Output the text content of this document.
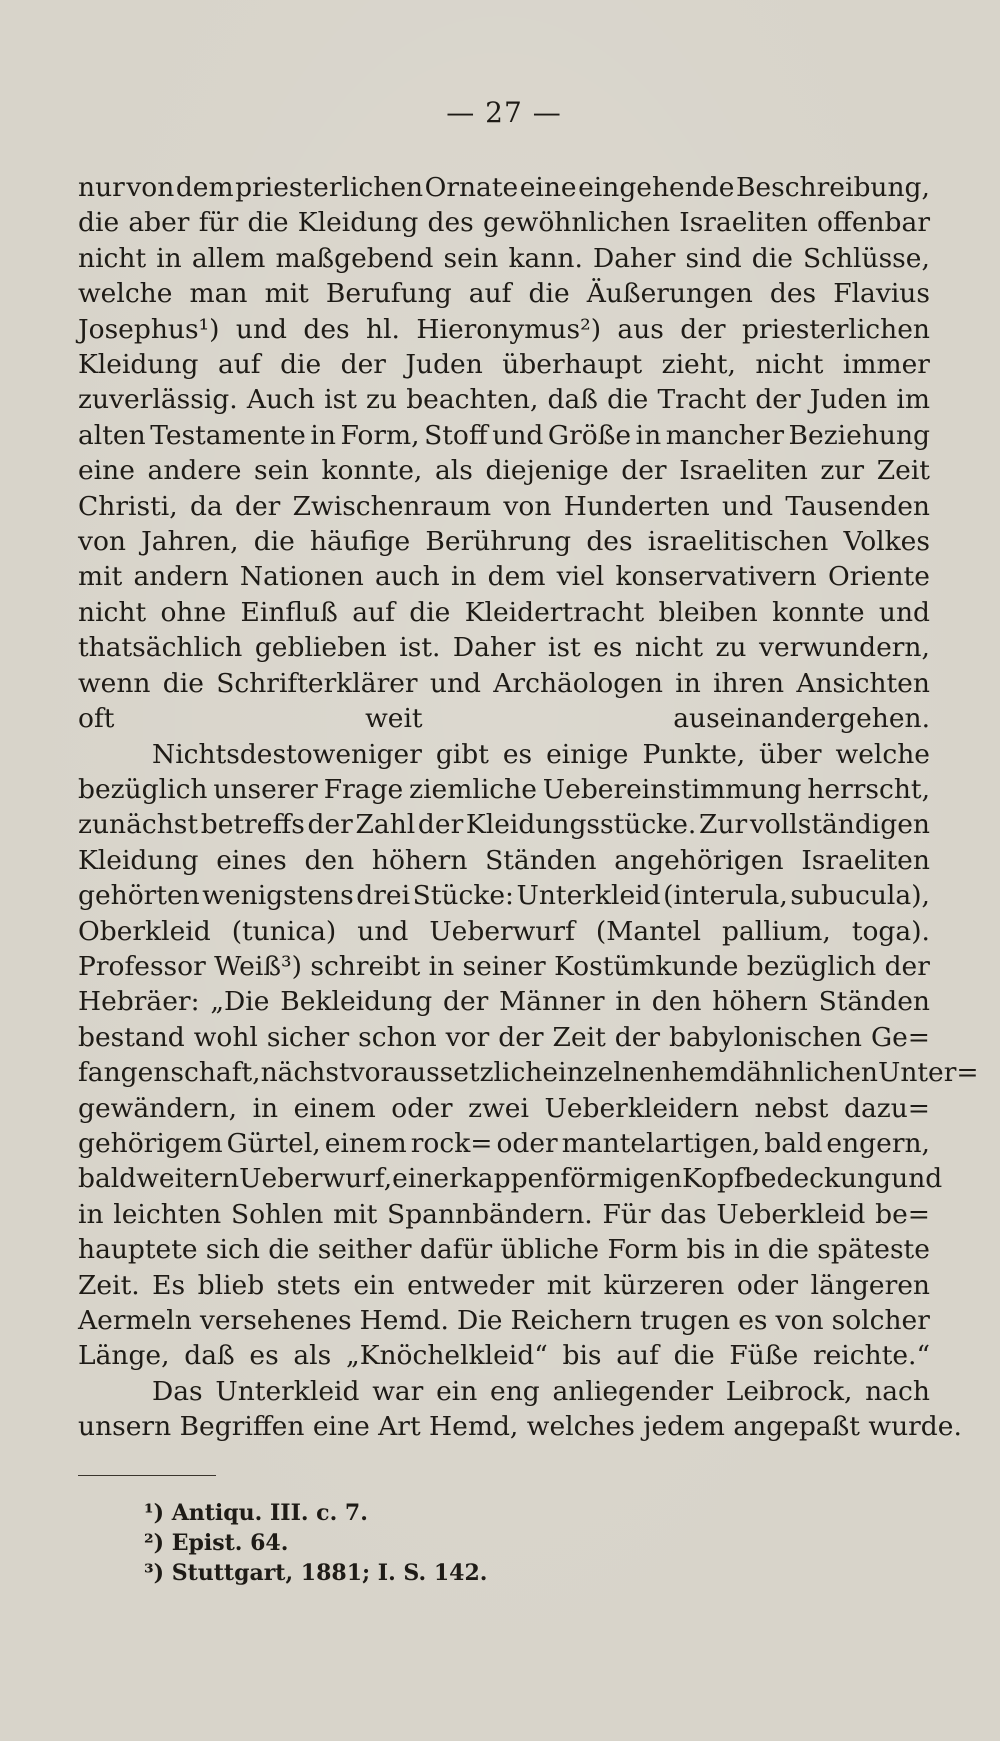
— 27 —
nur von dem priesterlichen Ornate eine eingehende Beschreibung,
die aber für die Kleidung des gewöhnlichen Israeliten offenbar
nicht in allem maßgebend sein kann. Daher sind die Schlüsse,
welche man mit Berufung auf die Äußerungen des Flavius
Josephus¹) und des hl. Hieronymus²) aus der priesterlichen
Kleidung auf die der Juden überhaupt zieht, nicht immer
zuverlässig. Auch ist zu beachten, daß die Tracht der Juden im
alten Testamente in Form, Stoff und Größe in mancher Beziehung
eine andere sein konnte, als diejenige der Israeliten zur Zeit
Christi, da der Zwischenraum von Hunderten und Tausenden
von Jahren, die häufige Berührung des israelitischen Volkes
mit andern Nationen auch in dem viel konservativern Oriente
nicht ohne Einfluß auf die Kleidertracht bleiben konnte und
thatsächlich geblieben ist. Daher ist es nicht zu verwundern,
wenn die Schrifterklärer und Archäologen in ihren Ansichten
oft weit auseinandergehen.
Nichtsdestoweniger gibt es einige Punkte, über welche
bezüglich unserer Frage ziemliche Uebereinstimmung herrscht,
zunächst betreffs der Zahl der Kleidungsstücke. Zur vollständigen
Kleidung eines den höhern Ständen angehörigen Israeliten
gehörten wenigstens drei Stücke: Unterkleid (interula, subucula),
Oberkleid (tunica) und Ueberwurf (Mantel pallium, toga).
Professor Weiß³) schreibt in seiner Kostümkunde bezüglich der
Hebräer: „Die Bekleidung der Männer in den höhern Ständen
bestand wohl sicher schon vor der Zeit der babylonischen Ge=
fangenschaft, nächst voraussetzlich einzelnen hemdähnlichen Unter=
gewändern, in einem oder zwei Ueberkleidern nebst dazu=
gehörigem Gürtel, einem rock= oder mantelartigen, bald engern,
bald weitern Ueberwurf, einer kappenförmigen Kopfbedeckung und
in leichten Sohlen mit Spannbändern. Für das Ueberkleid be=
hauptete sich die seither dafür übliche Form bis in die späteste
Zeit. Es blieb stets ein entweder mit kürzeren oder längeren
Aermeln versehenes Hemd. Die Reichern trugen es von solcher
Länge, daß es als „Knöchelkleid“ bis auf die Füße reichte.“
Das Unterkleid war ein eng anliegender Leibrock, nach
unsern Begriffen eine Art Hemd, welches jedem angepaßt wurde.
¹) Antiqu. III. c. 7.
²) Epist. 64.
³) Stuttgart, 1881; I. S. 142.
